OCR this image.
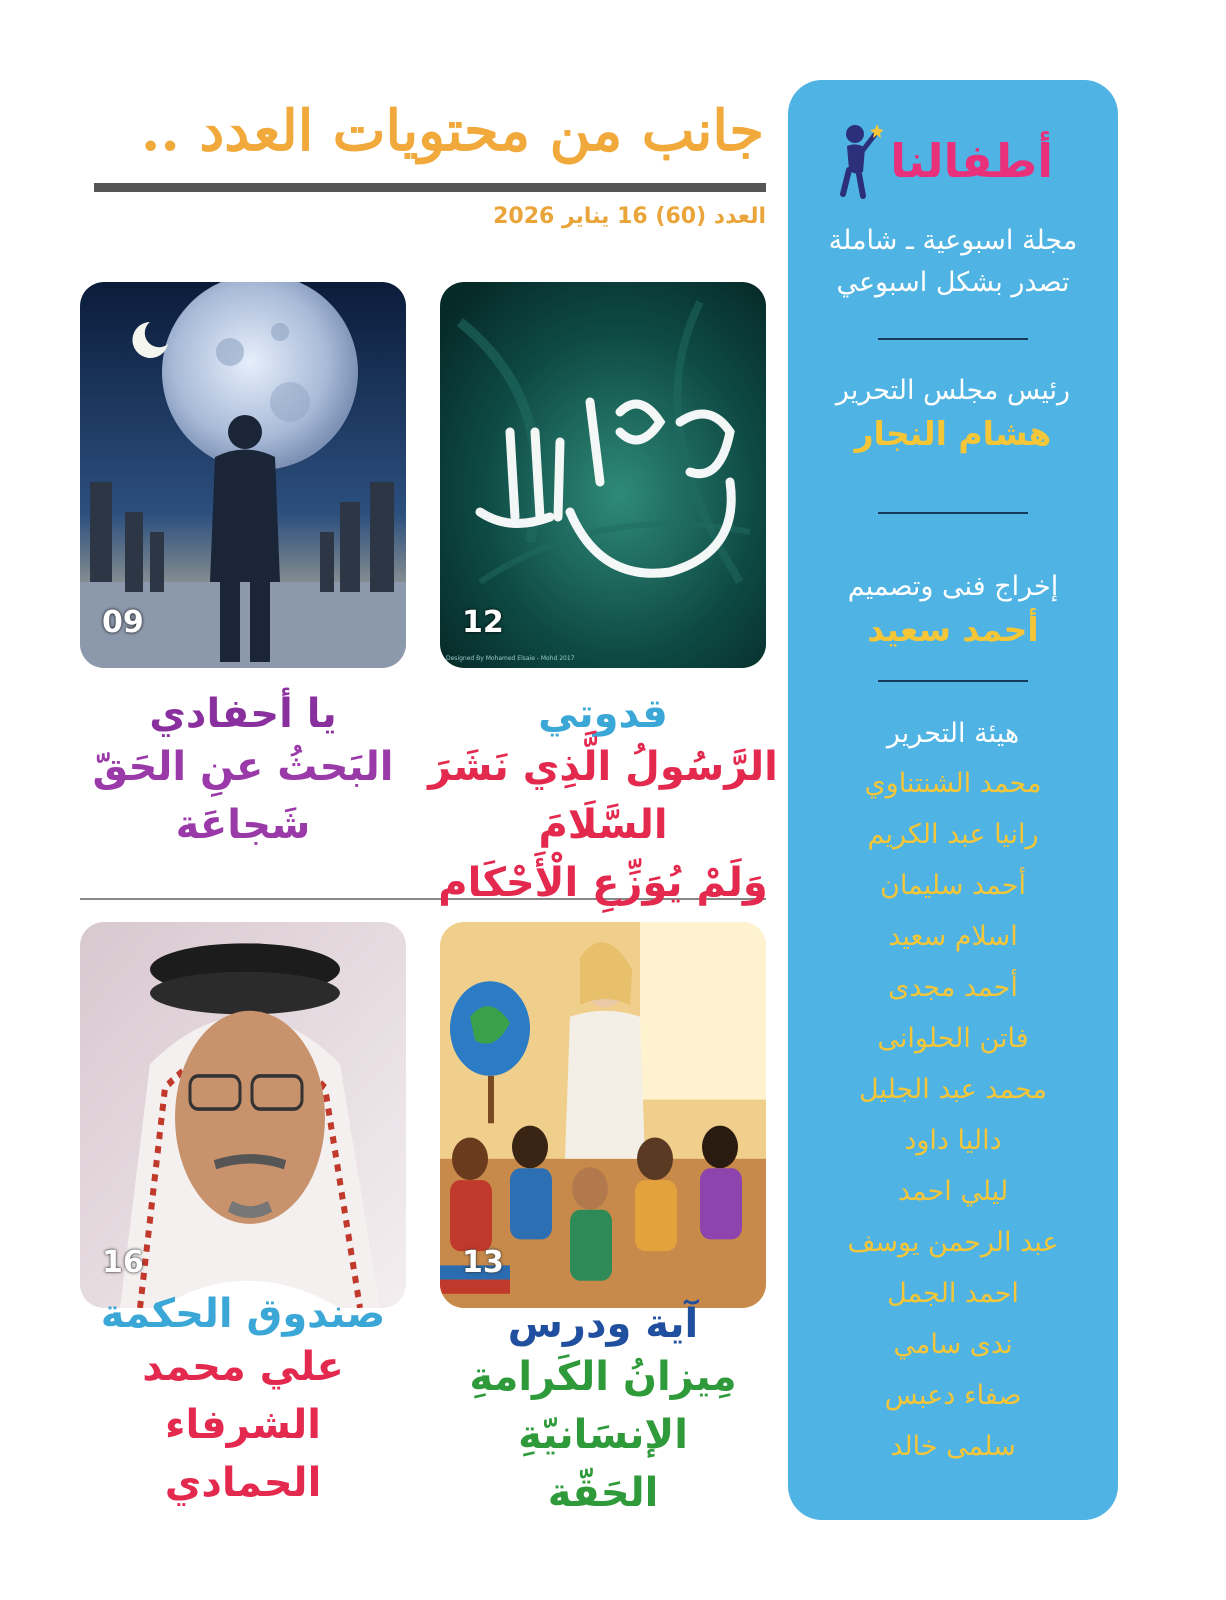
جانب من محتويات العدد ..
العدد (60) 16 يناير 2026
أطفالنا

مجلة اسبوعية ـ شاملة

تصدر بشكل اسبوعي

رئيس مجلس التحرير

هشام النجار

إخراج فنى وتصميم

أحمد سعيد

هيئة التحرير

محمد الشنتناوي
رانيا عبد الكريم
أحمد سليمان
اسلام سعيد
أحمد مجدى
فاتن الحلوانى
محمد عبد الجليل
داليا داود
ليلي احمد
عبد الرحمن يوسف
احمد الجمل
ندى سامي
صفاء دعبس
سلمى خالد
Designed By Mohamed Elsaie - Mohd 2017
12
09
13
16
قدوتي
الرَّسُولُ الَّذِي نَشَرَ السَّلَامَ
وَلَمْ يُوَزِّعِ الْأَحْكَام
يا أحفادي
البَحثُ عنِ الحَقّ
شَجاعَة
آية ودرس
مِيزانُ الكَرامةِ الإنسَانيّةِ
الحَقّة
صندوق الحكمة
علي محمد الشرفاء
الحمادي
